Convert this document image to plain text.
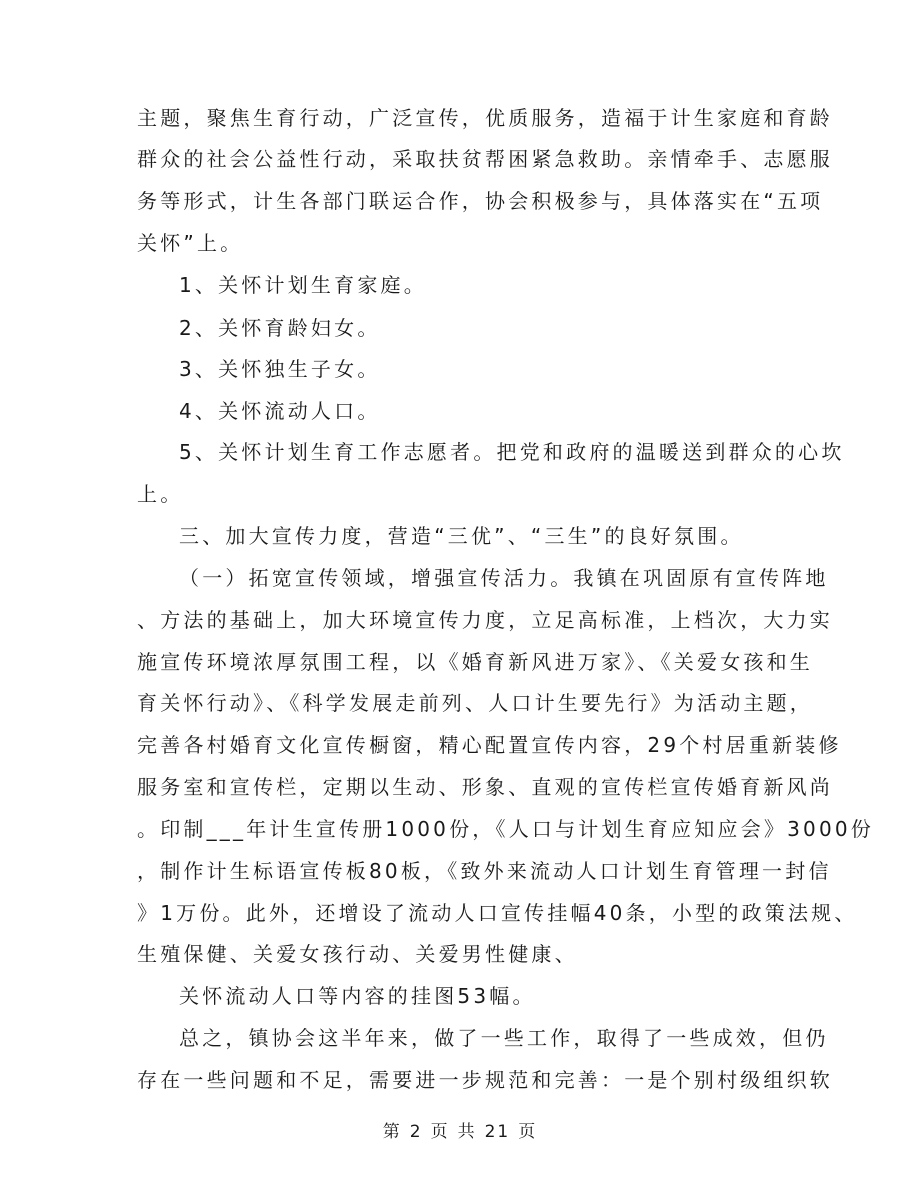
主题，聚焦生育行动，广泛宣传，优质服务，造福于计生家庭和育龄
群众的社会公益性行动，采取扶贫帮困紧急救助。亲情牵手、志愿服
务等形式，计生各部门联运合作，协会积极参与，具体落实在“五项
关怀”上。
1、关怀计划生育家庭。
2、关怀育龄妇女。
3、关怀独生子女。
4、关怀流动人口。
5、关怀计划生育工作志愿者。把党和政府的温暖送到群众的心坎
上。
三、加大宣传力度，营造“三优”、“三生”的良好氛围。
（一）拓宽宣传领域，增强宣传活力。我镇在巩固原有宣传阵地
、方法的基础上，加大环境宣传力度，立足高标准，上档次，大力实
施宣传环境浓厚氛围工程，以《婚育新风进万家》、《关爱女孩和生
育关怀行动》、《科学发展走前列、人口计生要先行》为活动主题，
完善各村婚育文化宣传橱窗，精心配置宣传内容，29个村居重新装修
服务室和宣传栏，定期以生动、形象、直观的宣传栏宣传婚育新风尚
。印制___年计生宣传册1000份，《人口与计划生育应知应会》3000份
，制作计生标语宣传板80板，《致外来流动人口计划生育管理一封信
》1万份。此外，还增设了流动人口宣传挂幅40条，小型的政策法规、
生殖保健、关爱女孩行动、关爱男性健康、
关怀流动人口等内容的挂图53幅。
总之，镇协会这半年来，做了一些工作，取得了一些成效，但仍
存在一些问题和不足，需要进一步规范和完善：一是个别村级组织软
第 2 页 共 21 页
